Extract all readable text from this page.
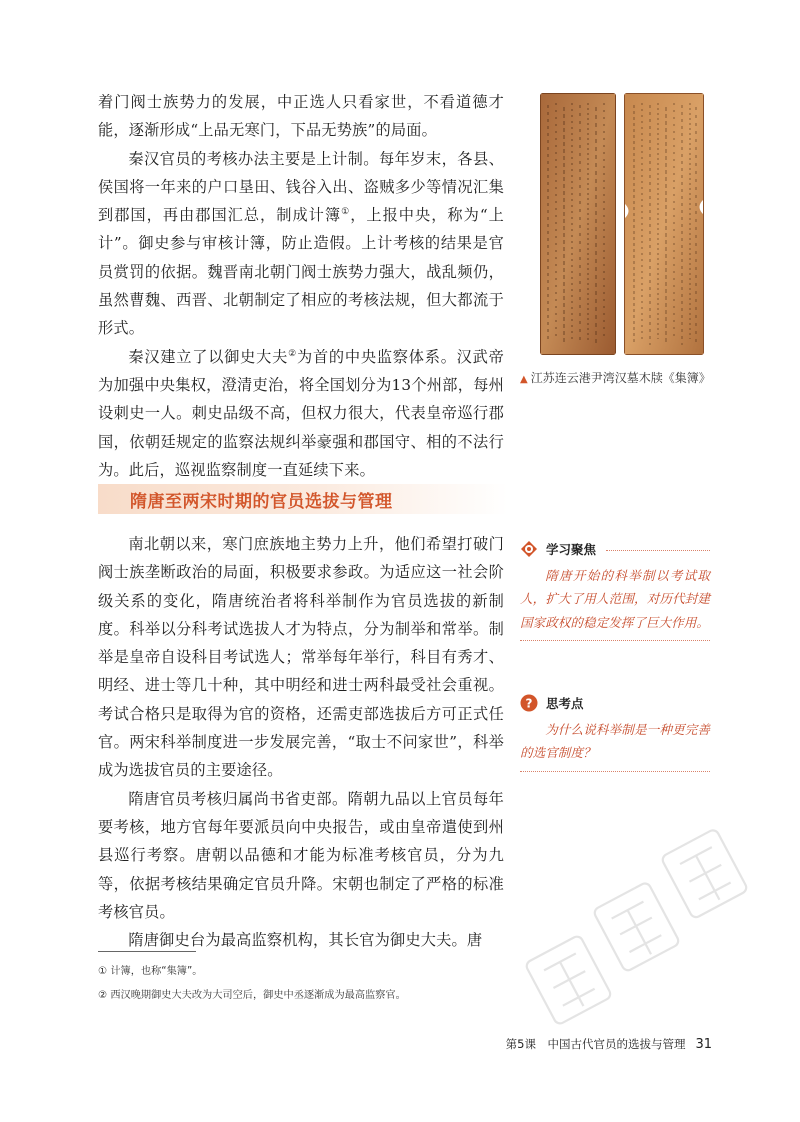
着门阀士族势力的发展，中正选人只看家世，不看道德才能，逐渐形成“上品无寒门，下品无势族”的局面。

秦汉官员的考核办法主要是上计制。每年岁末，各县、侯国将一年来的户口垦田、钱谷入出、盗贼多少等情况汇集到郡国，再由郡国汇总，制成计簿①，上报中央，称为“上计”。御史参与审核计簿，防止造假。上计考核的结果是官员赏罚的依据。魏晋南北朝门阀士族势力强大，战乱频仍，虽然曹魏、西晋、北朝制定了相应的考核法规，但大都流于形式。

秦汉建立了以御史大夫②为首的中央监察体系。汉武帝为加强中央集权，澄清吏治，将全国划分为13个州部，每州设刺史一人。刺史品级不高，但权力很大，代表皇帝巡行郡国，依朝廷规定的监察法规纠举豪强和郡国守、相的不法行为。此后，巡视监察制度一直延续下来。

隋唐至两宋时期的官员选拔与管理

南北朝以来，寒门庶族地主势力上升，他们希望打破门阀士族垄断政治的局面，积极要求参政。为适应这一社会阶级关系的变化，隋唐统治者将科举制作为官员选拔的新制度。科举以分科考试选拔人才为特点，分为制举和常举。制举是皇帝自设科目考试选人；常举每年举行，科目有秀才、明经、进士等几十种，其中明经和进士两科最受社会重视。考试合格只是取得为官的资格，还需吏部选拔后方可正式任官。两宋科举制度进一步发展完善，“取士不问家世”，科举成为选拔官员的主要途径。

隋唐官员考核归属尚书省吏部。隋朝九品以上官员每年要考核，地方官每年要派员向中央报告，或由皇帝遣使到州县巡行考察。唐朝以品德和才能为标准考核官员，分为九等，依据考核结果确定官员升降。宋朝也制定了严格的标准考核官员。

隋唐御史台为最高监察机构，其长官为御史大夫。唐

▲ 江苏连云港尹湾汉墓木牍《集簿》
学习聚焦

隋唐开始的科举制以考试取人，扩大了用人范围，对历代封建国家政权的稳定发挥了巨大作用。

? 思考点

为什么说科举制是一种更完善的选官制度？

① 计簿，也称“集簿”。
② 西汉晚期御史大夫改为大司空后，御史中丞逐渐成为最高监察官。
第5课　中国古代官员的选拔与管理 31
